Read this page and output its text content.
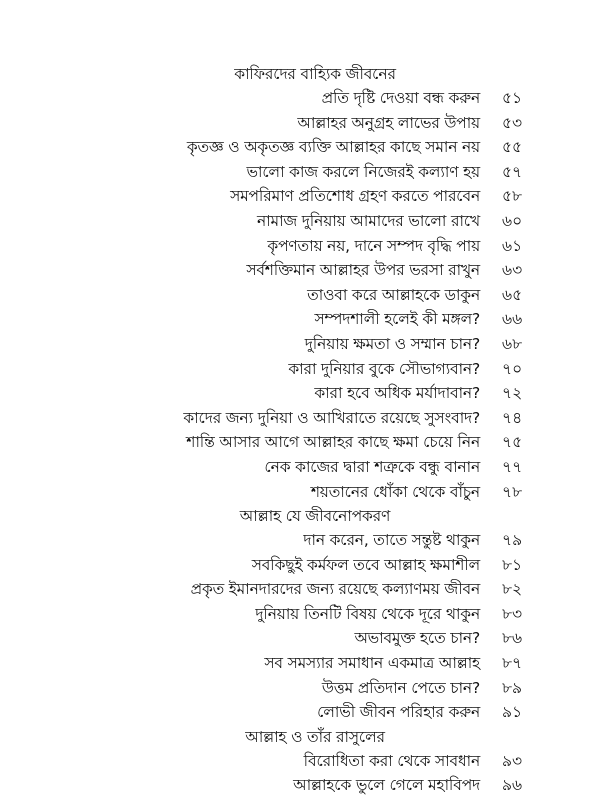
কাফিরদের বাহ্যিক জীবনের
প্রতি দৃষ্টি দেওয়া বন্ধ করুন	৫১
আল্লাহর অনুগ্রহ লাভের উপায়	৫৩
কৃতজ্ঞ ও অকৃতজ্ঞ ব্যক্তি আল্লাহর কাছে সমান নয়	৫৫
ভালো কাজ করলে নিজেরই কল্যাণ হয়	৫৭
সমপরিমাণ প্রতিশোধ গ্রহণ করতে পারবেন	৫৮
নামাজ দুনিয়ায় আমাদের ভালো রাখে	৬০
কৃপণতায় নয়, দানে সম্পদ বৃদ্ধি পায়	৬১
সর্বশক্তিমান আল্লাহর উপর ভরসা রাখুন	৬৩
তাওবা করে আল্লাহকে ডাকুন	৬৫
সম্পদশালী হলেই কী মঙ্গল?	৬৬
দুনিয়ায় ক্ষমতা ও সম্মান চান?	৬৮
কারা দুনিয়ার বুকে সৌভাগ্যবান?	৭০
কারা হবে অধিক মর্যাদাবান?	৭২
কাদের জন্য দুনিয়া ও আখিরাতে রয়েছে সুসংবাদ?	৭৪
শান্তি আসার আগে আল্লাহর কাছে ক্ষমা চেয়ে নিন	৭৫
নেক কাজের দ্বারা শত্রুকে বন্ধু বানান	৭৭
শয়তানের ধোঁকা থেকে বাঁচুন	৭৮
আল্লাহ যে জীবনোপকরণ
দান করেন, তাতে সন্তুষ্ট থাকুন	৭৯
সবকিছুই কর্মফল তবে আল্লাহ ক্ষমাশীল	৮১
প্রকৃত ইমানদারদের জন্য রয়েছে কল্যাণময় জীবন	৮২
দুনিয়ায় তিনটি বিষয় থেকে দূরে থাকুন	৮৩
অভাবমুক্ত হতে চান?	৮৬
সব সমস্যার সমাধান একমাত্র আল্লাহ	৮৭
উত্তম প্রতিদান পেতে চান?	৮৯
লোভী জীবন পরিহার করুন	৯১
আল্লাহ ও তাঁর রাসুলের
বিরোধিতা করা থেকে সাবধান	৯৩
আল্লাহকে ভুলে গেলে মহাবিপদ	৯৬
